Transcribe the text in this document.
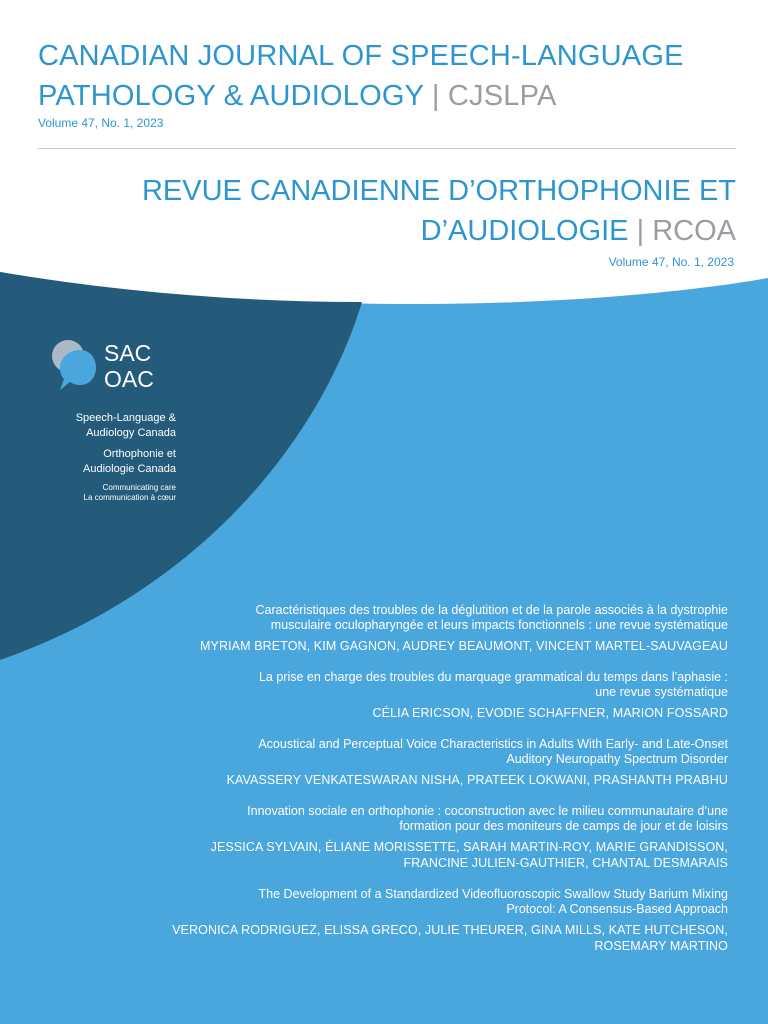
CANADIAN JOURNAL OF SPEECH-LANGUAGE
PATHOLOGY & AUDIOLOGY | CJSLPA
Volume 47, No. 1, 2023
REVUE CANADIENNE D’ORTHOPHONIE ET
D’AUDIOLOGIE | RCOA
Volume 47, No. 1, 2023
SAC
OAC
Speech-Language &
Audiology Canada
Orthophonie et
Audiologie Canada
Communicating care
La communication à cœur
Caractéristiques des troubles de la déglutition et de la parole associés à la dystrophie
musculaire oculopharyngée et leurs impacts fonctionnels : une revue systématique
MYRIAM BRETON, KIM GAGNON, AUDREY BEAUMONT, VINCENT MARTEL-SAUVAGEAU
La prise en charge des troubles du marquage grammatical du temps dans l’aphasie :
une revue systématique
CÉLIA ERICSON, EVODIE SCHAFFNER, MARION FOSSARD
Acoustical and Perceptual Voice Characteristics in Adults With Early- and Late-Onset
Auditory Neuropathy Spectrum Disorder
KAVASSERY VENKATESWARAN NISHA, PRATEEK LOKWANI, PRASHANTH PRABHU
Innovation sociale en orthophonie : coconstruction avec le milieu communautaire d’une
formation pour des moniteurs de camps de jour et de loisirs
JESSICA SYLVAIN, ÉLIANE MORISSETTE, SARAH MARTIN-ROY, MARIE GRANDISSON,
FRANCINE JULIEN-GAUTHIER, CHANTAL DESMARAIS
The Development of a Standardized Videofluoroscopic Swallow Study Barium Mixing
Protocol: A Consensus-Based Approach
VERONICA RODRIGUEZ, ELISSA GRECO, JULIE THEURER, GINA MILLS, KATE HUTCHESON,
ROSEMARY MARTINO
